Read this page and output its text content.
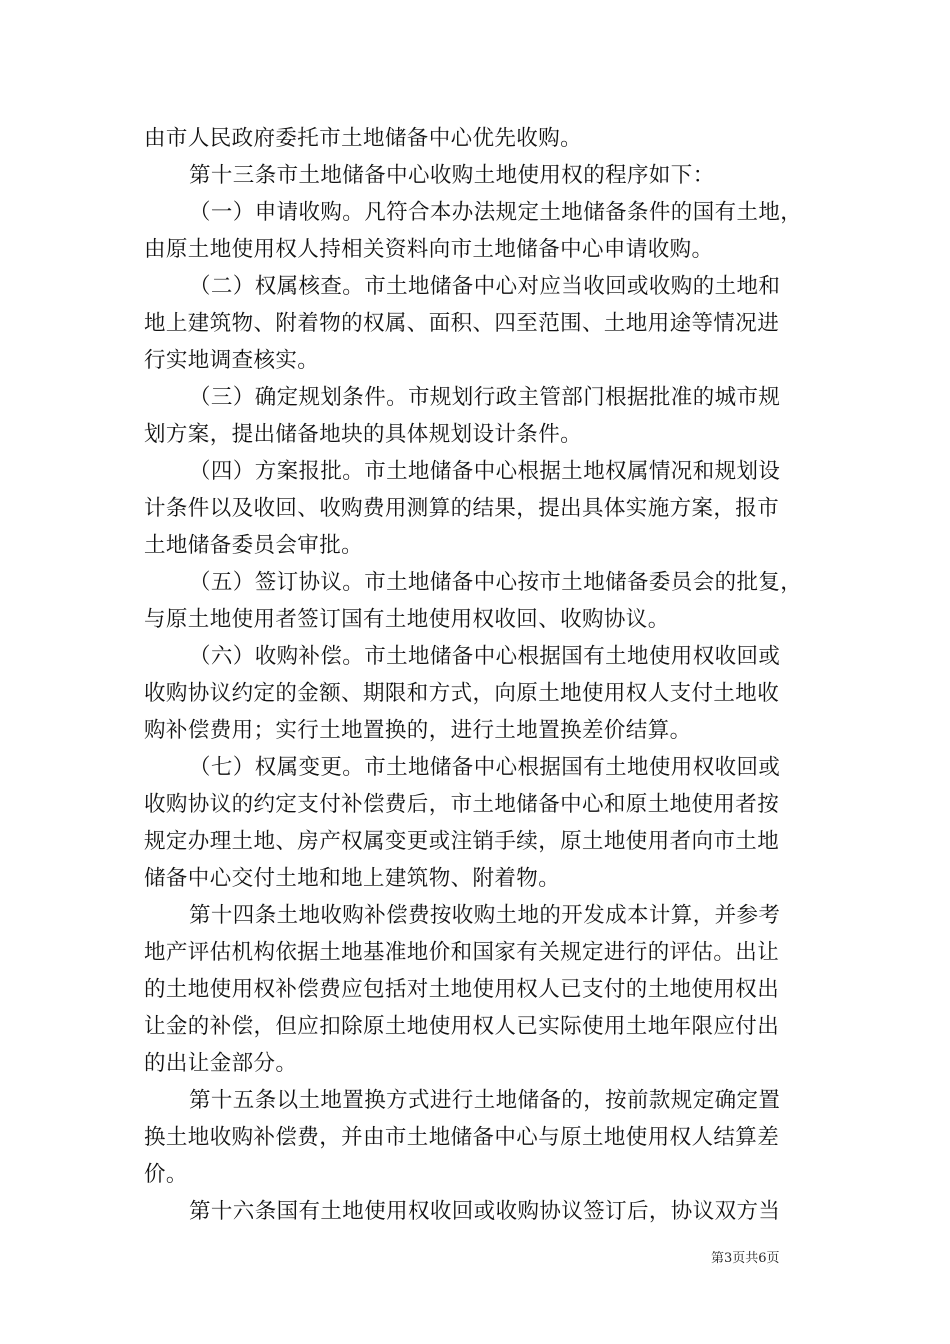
由市人民政府委托市土地储备中心优先收购。
第十三条市土地储备中心收购土地使用权的程序如下：
（一）申请收购。凡符合本办法规定土地储备条件的国有土地，
由原土地使用权人持相关资料向市土地储备中心申请收购。
（二）权属核查。市土地储备中心对应当收回或收购的土地和
地上建筑物、附着物的权属、面积、四至范围、土地用途等情况进
行实地调查核实。
（三）确定规划条件。市规划行政主管部门根据批准的城市规
划方案，提出储备地块的具体规划设计条件。
（四）方案报批。市土地储备中心根据土地权属情况和规划设
计条件以及收回、收购费用测算的结果，提出具体实施方案，报市
土地储备委员会审批。
（五）签订协议。市土地储备中心按市土地储备委员会的批复，
与原土地使用者签订国有土地使用权收回、收购协议。
（六）收购补偿。市土地储备中心根据国有土地使用权收回或
收购协议约定的金额、期限和方式，向原土地使用权人支付土地收
购补偿费用；实行土地置换的，进行土地置换差价结算。
（七）权属变更。市土地储备中心根据国有土地使用权收回或
收购协议的约定支付补偿费后，市土地储备中心和原土地使用者按
规定办理土地、房产权属变更或注销手续，原土地使用者向市土地
储备中心交付土地和地上建筑物、附着物。
第十四条土地收购补偿费按收购土地的开发成本计算，并参考
地产评估机构依据土地基准地价和国家有关规定进行的评估。出让
的土地使用权补偿费应包括对土地使用权人已支付的土地使用权出
让金的补偿，但应扣除原土地使用权人已实际使用土地年限应付出
的出让金部分。
第十五条以土地置换方式进行土地储备的，按前款规定确定置
换土地收购补偿费，并由市土地储备中心与原土地使用权人结算差
价。
第十六条国有土地使用权收回或收购协议签订后，协议双方当
第3页共6页
